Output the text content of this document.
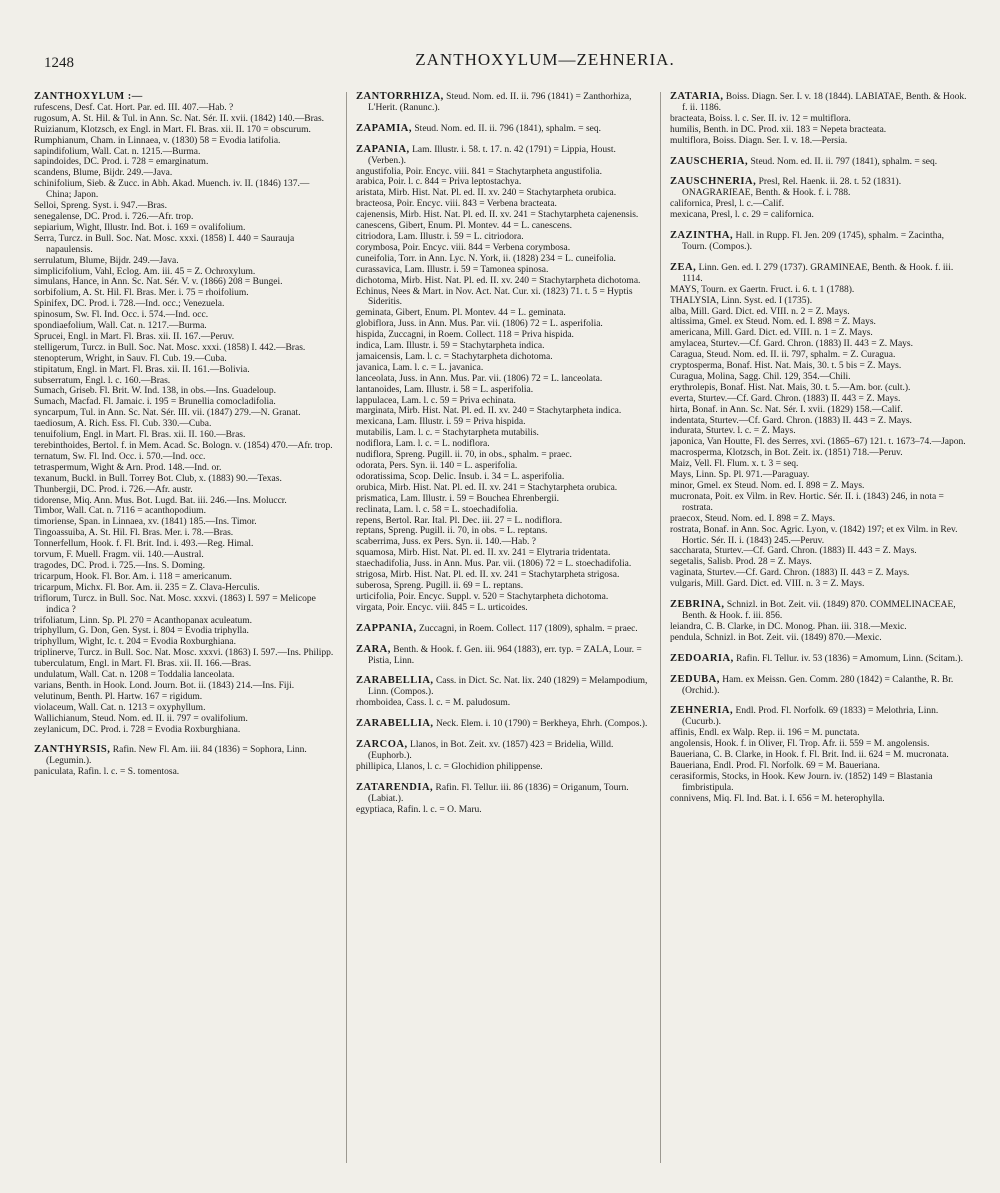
1248	ZANTHOXYLUM—ZEHNERIA.

ZANTHOXYLUM :—

rufescens, Desf. Cat. Hort. Par. ed. III. 407.—Hab. ?

rugosum, A. St. Hil. & Tul. in Ann. Sc. Nat. Sér. II. xvii. (1842) 140.—Bras.

Ruizianum, Klotzsch, ex Engl. in Mart. Fl. Bras. xii. II. 170 = obscurum.

Rumphianum, Cham. in Linnaea, v. (1830) 58 = Evodia latifolia.

sapindifolium, Wall. Cat. n. 1215.—Burma.

sapindoides, DC. Prod. i. 728 = emarginatum.

scandens, Blume, Bijdr. 249.—Java.

schinifolium, Sieb. & Zucc. in Abh. Akad. Muench. iv. II. (1846) 137.—China; Japon.

Selloi, Spreng. Syst. i. 947.—Bras.

senegalense, DC. Prod. i. 726.—Afr. trop.

sepiarium, Wight, Illustr. Ind. Bot. i. 169 = ovalifolium.

Serra, Turcz. in Bull. Soc. Nat. Mosc. xxxi. (1858) I. 440 = Saurauja napaulensis.

serrulatum, Blume, Bijdr. 249.—Java.

simplicifolium, Vahl, Eclog. Am. iii. 45 = Z. Ochroxylum.

simulans, Hance, in Ann. Sc. Nat. Sér. V. v. (1866) 208 = Bungei.

sorbifolium, A. St. Hil. Fl. Bras. Mer. i. 75 = rhoifolium.

Spinifex, DC. Prod. i. 728.—Ind. occ.; Venezuela.

spinosum, Sw. Fl. Ind. Occ. i. 574.—Ind. occ.

spondiaefolium, Wall. Cat. n. 1217.—Burma.

Sprucei, Engl. in Mart. Fl. Bras. xii. II. 167.—Peruv.

stelligerum, Turcz. in Bull. Soc. Nat. Mosc. xxxi. (1858) I. 442.—Bras.

stenopterum, Wright, in Sauv. Fl. Cub. 19.—Cuba.

stipitatum, Engl. in Mart. Fl. Bras. xii. II. 161.—Bolivia.

subserratum, Engl. l. c. 160.—Bras.

Sumach, Griseb. Fl. Brit. W. Ind. 138, in obs.—Ins. Guadeloup.

Sumach, Macfad. Fl. Jamaic. i. 195 = Brunellia comocladifolia.

syncarpum, Tul. in Ann. Sc. Nat. Sér. III. vii. (1847) 279.—N. Granat.

taediosum, A. Rich. Ess. Fl. Cub. 330.—Cuba.

tenuifolium, Engl. in Mart. Fl. Bras. xii. II. 160.—Bras.

terebinthoides, Bertol. f. in Mem. Acad. Sc. Bologn. v. (1854) 470.—Afr. trop.

ternatum, Sw. Fl. Ind. Occ. i. 570.—Ind. occ.

tetraspermum, Wight & Arn. Prod. 148.—Ind. or.

texanum, Buckl. in Bull. Torrey Bot. Club, x. (1883) 90.—Texas.

Thunbergii, DC. Prod. i. 726.—Afr. austr.

tidorense, Miq. Ann. Mus. Bot. Lugd. Bat. iii. 246.—Ins. Moluccr.

Timbor, Wall. Cat. n. 7116 = acanthopodium.

timoriense, Span. in Linnaea, xv. (1841) 185.—Ins. Timor.

Tingoassuiba, A. St. Hil. Fl. Bras. Mer. i. 78.—Bras.

Tonnerfellum, Hook. f. Fl. Brit. Ind. i. 493.—Reg. Himal.

torvum, F. Muell. Fragm. vii. 140.—Austral.

tragodes, DC. Prod. i. 725.—Ins. S. Doming.

tricarpum, Hook. Fl. Bor. Am. i. 118 = americanum.

tricarpum, Michx. Fl. Bor. Am. ii. 235 = Z. Clava-Herculis.

triflorum, Turcz. in Bull. Soc. Nat. Mosc. xxxvi. (1863) I. 597 = Melicope indica ?

trifoliatum, Linn. Sp. Pl. 270 = Acanthopanax aculeatum.

triphyllum, G. Don, Gen. Syst. i. 804 = Evodia triphylla.

triphyllum, Wight, Ic. t. 204 = Evodia Roxburghiana.

triplinerve, Turcz. in Bull. Soc. Nat. Mosc. xxxvi. (1863) I. 597.—Ins. Philipp.

tuberculatum, Engl. in Mart. Fl. Bras. xii. II. 166.—Bras.

undulatum, Wall. Cat. n. 1208 = Toddalia lanceolata.

varians, Benth. in Hook. Lond. Journ. Bot. ii. (1843) 214.—Ins. Fiji.

velutinum, Benth. Pl. Hartw. 167 = rigidum.

violaceum, Wall. Cat. n. 1213 = oxyphyllum.

Wallichianum, Steud. Nom. ed. II. ii. 797 = ovalifolium.

zeylanicum, DC. Prod. i. 728 = Evodia Roxburghiana.

ZANTHYRSIS, Rafin. New Fl. Am. iii. 84 (1836) = Sophora, Linn. (Legumin.).

paniculata, Rafin. l. c. = S. tomentosa.

ZANTORRHIZA, Steud. Nom. ed. II. ii. 796 (1841) = Zanthorhiza, L'Herit. (Ranunc.).

ZAPAMIA, Steud. Nom. ed. II. ii. 796 (1841), sphalm. = seq.

ZAPANIA, Lam. Illustr. i. 58. t. 17. n. 42 (1791) = Lippia, Houst. (Verben.).

angustifolia, Poir. Encyc. viii. 841 = Stachytarpheta angustifolia.

arabica, Poir. l. c. 844 = Priva leptostachya.

aristata, Mirb. Hist. Nat. Pl. ed. II. xv. 240 = Stachytarpheta orubica.

bracteosa, Poir. Encyc. viii. 843 = Verbena bracteata.

cajenensis, Mirb. Hist. Nat. Pl. ed. II. xv. 241 = Stachytarpheta cajenensis.

canescens, Gibert, Enum. Pl. Montev. 44 = L. canescens.

citriodora, Lam. Illustr. i. 59 = L. citriodora.

corymbosa, Poir. Encyc. viii. 844 = Verbena corymbosa.

cuneifolia, Torr. in Ann. Lyc. N. York, ii. (1828) 234 = L. cuneifolia.

curassavica, Lam. Illustr. i. 59 = Tamonea spinosa.

dichotoma, Mirb. Hist. Nat. Pl. ed. II. xv. 240 = Stachytarpheta dichotoma.

Echinus, Nees & Mart. in Nov. Act. Nat. Cur. xi. (1823) 71. t. 5 = Hyptis Sideritis.

geminata, Gibert, Enum. Pl. Montev. 44 = L. geminata.

globiflora, Juss. in Ann. Mus. Par. vii. (1806) 72 = L. asperifolia.

hispida, Zuccagni, in Roem. Collect. 118 = Priva hispida.

indica, Lam. Illustr. i. 59 = Stachytarpheta indica.

jamaicensis, Lam. l. c. = Stachytarpheta dichotoma.

javanica, Lam. l. c. = L. javanica.

lanceolata, Juss. in Ann. Mus. Par. vii. (1806) 72 = L. lanceolata.

lantanoides, Lam. Illustr. i. 58 = L. asperifolia.

lappulacea, Lam. l. c. 59 = Priva echinata.

marginata, Mirb. Hist. Nat. Pl. ed. II. xv. 240 = Stachytarpheta indica.

mexicana, Lam. Illustr. i. 59 = Priva hispida.

mutabilis, Lam. l. c. = Stachytarpheta mutabilis.

nodiflora, Lam. l. c. = L. nodiflora.

nudiflora, Spreng. Pugill. ii. 70, in obs., sphalm. = praec.

odorata, Pers. Syn. ii. 140 = L. asperifolia.

odoratissima, Scop. Delic. Insub. i. 34 = L. asperifolia.

orubica, Mirb. Hist. Nat. Pl. ed. II. xv. 241 = Stachytarpheta orubica.

prismatica, Lam. Illustr. i. 59 = Bouchea Ehrenbergii.

reclinata, Lam. l. c. 58 = L. stoechadifolia.

repens, Bertol. Rar. Ital. Pl. Dec. iii. 27 = L. nodiflora.

reptans, Spreng. Pugill. ii. 70, in obs. = L. reptans.

scaberrima, Juss. ex Pers. Syn. ii. 140.—Hab. ?

squamosa, Mirb. Hist. Nat. Pl. ed. II. xv. 241 = Elytraria tridentata.

staechadifolia, Juss. in Ann. Mus. Par. vii. (1806) 72 = L. stoechadifolia.

strigosa, Mirb. Hist. Nat. Pl. ed. II. xv. 241 = Stachytarpheta strigosa.

suberosa, Spreng. Pugill. ii. 69 = L. reptans.

urticifolia, Poir. Encyc. Suppl. v. 520 = Stachytarpheta dichotoma.

virgata, Poir. Encyc. viii. 845 = L. urticoides.

ZAPPANIA, Zuccagni, in Roem. Collect. 117 (1809), sphalm. = praec.

ZARA, Benth. & Hook. f. Gen. iii. 964 (1883), err. typ. = ZALA, Lour. = Pistia, Linn.

ZARABELLIA, Cass. in Dict. Sc. Nat. lix. 240 (1829) = Melampodium, Linn. (Compos.).

rhomboidea, Cass. l. c. = M. paludosum.

ZARABELLIA, Neck. Elem. i. 10 (1790) = Berkheya, Ehrh. (Compos.).

ZARCOA, Llanos, in Bot. Zeit. xv. (1857) 423 = Bridelia, Willd. (Euphorb.).

phillipica, Llanos, l. c. = Glochidion philippense.

ZATARENDIA, Rafin. Fl. Tellur. iii. 86 (1836) = Origanum, Tourn. (Labiat.).

egyptiaca, Rafin. l. c. = O. Maru.

ZATARIA, Boiss. Diagn. Ser. I. v. 18 (1844). LABIATAE, Benth. & Hook. f. ii. 1186.

bracteata, Boiss. l. c. Ser. II. iv. 12 = multiflora.

humilis, Benth. in DC. Prod. xii. 183 = Nepeta bracteata.

multiflora, Boiss. Diagn. Ser. I. v. 18.—Persia.

ZAUSCHERIA, Steud. Nom. ed. II. ii. 797 (1841), sphalm. = seq.

ZAUSCHNERIA, Presl, Rel. Haenk. ii. 28. t. 52 (1831). ONAGRARIEAE, Benth. & Hook. f. i. 788.

californica, Presl, l. c.—Calif.

mexicana, Presl, l. c. 29 = californica.

ZAZINTHA, Hall. in Rupp. Fl. Jen. 209 (1745), sphalm. = Zacintha, Tourn. (Compos.).

ZEA, Linn. Gen. ed. I. 279 (1737). GRAMINEAE, Benth. & Hook. f. iii. 1114.

MAYS, Tourn. ex Gaertn. Fruct. i. 6. t. 1 (1788).

THALYSIA, Linn. Syst. ed. I (1735).

alba, Mill. Gard. Dict. ed. VIII. n. 2 = Z. Mays.

altissima, Gmel. ex Steud. Nom. ed. I. 898 = Z. Mays.

americana, Mill. Gard. Dict. ed. VIII. n. 1 = Z. Mays.

amylacea, Sturtev.—Cf. Gard. Chron. (1883) II. 443 = Z. Mays.

Caragua, Steud. Nom. ed. II. ii. 797, sphalm. = Z. Curagua.

cryptosperma, Bonaf. Hist. Nat. Mais, 30. t. 5 bis = Z. Mays.

Curagua, Molina, Sagg. Chil. 129, 354.—Chili.

erythrolepis, Bonaf. Hist. Nat. Mais, 30. t. 5.—Am. bor. (cult.).

everta, Sturtev.—Cf. Gard. Chron. (1883) II. 443 = Z. Mays.

hirta, Bonaf. in Ann. Sc. Nat. Sér. I. xvii. (1829) 158.—Calif.

indentata, Sturtev.—Cf. Gard. Chron. (1883) II. 443 = Z. Mays.

indurata, Sturtev. l. c. = Z. Mays.

japonica, Van Houtte, Fl. des Serres, xvi. (1865–67) 121. t. 1673–74.—Japon.

macrosperma, Klotzsch, in Bot. Zeit. ix. (1851) 718.—Peruv.

Maiz, Vell. Fl. Flum. x. t. 3 = seq.

Mays, Linn. Sp. Pl. 971.—Paraguay.

minor, Gmel. ex Steud. Nom. ed. I. 898 = Z. Mays.

mucronata, Poit. ex Vilm. in Rev. Hortic. Sér. II. i. (1843) 246, in nota = rostrata.

praecox, Steud. Nom. ed. I. 898 = Z. Mays.

rostrata, Bonaf. in Ann. Soc. Agric. Lyon, v. (1842) 197; et ex Vilm. in Rev. Hortic. Sér. II. i. (1843) 245.—Peruv.

saccharata, Sturtev.—Cf. Gard. Chron. (1883) II. 443 = Z. Mays.

segetalis, Salisb. Prod. 28 = Z. Mays.

vaginata, Sturtev.—Cf. Gard. Chron. (1883) II. 443 = Z. Mays.

vulgaris, Mill. Gard. Dict. ed. VIII. n. 3 = Z. Mays.

ZEBRINA, Schnizl. in Bot. Zeit. vii. (1849) 870. COMMELINACEAE, Benth. & Hook. f. iii. 856.

leiandra, C. B. Clarke, in DC. Monog. Phan. iii. 318.—Mexic.

pendula, Schnizl. in Bot. Zeit. vii. (1849) 870.—Mexic.

ZEDOARIA, Rafin. Fl. Tellur. iv. 53 (1836) = Amomum, Linn. (Scitam.).

ZEDUBA, Ham. ex Meissn. Gen. Comm. 280 (1842) = Calanthe, R. Br. (Orchid.).

ZEHNERIA, Endl. Prod. Fl. Norfolk. 69 (1833) = Melothria, Linn. (Cucurb.).

affinis, Endl. ex Walp. Rep. ii. 196 = M. punctata.

angolensis, Hook. f. in Oliver, Fl. Trop. Afr. ii. 559 = M. angolensis.

Baueriana, C. B. Clarke, in Hook. f. Fl. Brit. Ind. ii. 624 = M. mucronata.

Baueriana, Endl. Prod. Fl. Norfolk. 69 = M. Baueriana.

cerasiformis, Stocks, in Hook. Kew Journ. iv. (1852) 149 = Blastania fimbristipula.

connivens, Miq. Fl. Ind. Bat. i. I. 656 = M. heterophylla.
